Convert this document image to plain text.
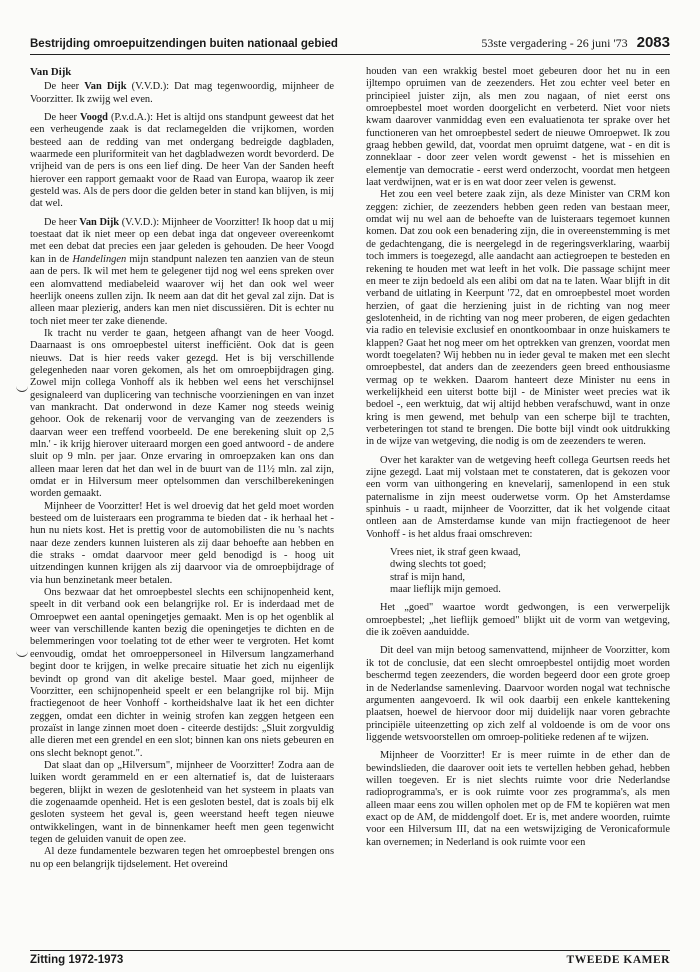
Bestrijding omroepuitzendingen buiten nationaal gebied	53ste vergadering - 26 juni '73 2083
Van Dijk

De heer Van Dijk (V.V.D.): Dat mag tegenwoordig, mijnheer de Voorzitter. Ik zwijg wel even.

De heer Voogd (P.v.d.A.): Het is altijd ons standpunt geweest dat het een verheugende zaak is dat reclamegelden die vrijkomen, worden besteed aan de redding van met ondergang bedreigde dagbladen, waarmede een pluriformiteit van het dagbladwezen wordt bevorderd. De vrijheid van de pers is ons een lief ding. De heer Van der Sanden heeft hierover een rapport gemaakt voor de Raad van Europa, waarop ik zeer gesteld was. Als de pers door die gelden beter in stand kan blijven, is mij dat wel.

De heer Van Dijk (V.V.D.): Mijnheer de Voorzitter! Ik hoop dat u mij toestaat dat ik niet meer op een debat inga dat ongeveer overeenkomt met een debat dat precies een jaar geleden is gehouden. De heer Voogd kan in de Handelingen mijn standpunt nalezen ten aanzien van de steun aan de pers. Ik wil met hem te gelegener tijd nog wel eens spreken over een alomvattend mediabeleid waarover wij het dan ook wel weer heerlijk oneens zullen zijn. Ik neem aan dat dit het geval zal zijn. Dat is alleen maar plezierig, anders kan men niet discussiëren. Dit is echter nu toch niet meer ter zake dienende.

Ik tracht nu verder te gaan, hetgeen afhangt van de heer Voogd. Daarnaast is ons omroepbestel uiterst inefficiënt. Ook dat is geen nieuws. Dat is hier reeds vaker gezegd. Het is bij verschillende gelegenheden naar voren gekomen, als het om omroepbijdragen ging. Zowel mijn collega Vonhoff als ik hebben wel eens het verschijnsel gesignaleerd van duplicering van technische voorzieningen en van inzet van mankracht. Dat onderwond in deze Kamer nog steeds weinig gehoor. Ook de rekenarij voor de vervanging van de zeezenders is daarvan weer een treffend voorbeeld. De ene berekening sluit op 2,5 mln.' - ik krijg hierover uiteraard morgen een goed antwoord - de andere sluit op 9 mln. per jaar. Onze ervaring in omroepzaken kan ons dan alleen maar leren dat het dan wel in de buurt van de 11½ mln. zal zijn, omdat er in Hilversum meer optelsommen dan verschilberekeningen worden gemaakt.

Mijnheer de Voorzitter! Het is wel droevig dat het geld moet worden besteed om de luisteraars een programma te bieden dat - ik herhaal het - hun nu niets kost. Het is prettig voor de automobilisten die nu 's nachts naar deze zenders kunnen luisteren als zij daar behoefte aan hebben en die straks - omdat daarvoor meer geld benodigd is - hoog uit uitzendingen kunnen krijgen als zij daarvoor via de omroepbijdrage of via hun benzinetank meer betalen.

Ons bezwaar dat het omroepbestel slechts een schijnopenheid kent, speelt in dit verband ook een belangrijke rol. Er is inderdaad met de Omroepwet een aantal openingetjes gemaakt. Men is op het ogenblik al weer van verschillende kanten bezig die openingetjes te dichten en de belemmeringen voor toelating tot de ether weer te vergroten. Het komt eenvoudig, omdat het omroeppersoneel in Hilversum langzamerhand begint door te krijgen, in welke precaire situatie het zich nu eigenlijk bevindt op grond van dit akelige bestel. Maar goed, mijnheer de Voorzitter, een schijnopenheid speelt er een belangrijke rol bij. Mijn fractiegenoot de heer Vonhoff - kortheidshalve laat ik het een dichter zeggen, omdat een dichter in weinig strofen kan zeggen hetgeen een prozaïst in lange zinnen moet doen - citeerde destijds: „Sluit zorgvuldig alle dieren met een grendel en een slot; binnen kan ons niets gebeuren en ons slecht beknopt genot.".

Dat slaat dan op „Hilversum", mijnheer de Voorzitter! Zodra aan de luiken wordt gerammeld en er een alternatief is, dat de luisteraars begeren, blijkt in wezen de geslotenheid van het systeem in plaats van die zogenaamde openheid. Het is een gesloten bestel, dat is zoals bij elk gesloten systeem het geval is, geen weerstand heeft tegen nieuwe ontwikkelingen, want in de binnenkamer heeft men geen tegenwicht tegen de geluiden vanuit de open zee.

Al deze fundamentele bezwaren tegen het omroepbestel brengen ons nu op een belangrijk tijdselement. Het overeind

houden van een wrakkig bestel moet gebeuren door het nu in een ijltempo opruimen van de zeezenders. Het zou echter veel beter en principieel juister zijn, als men zou nagaan, of niet eerst ons omroepbestel moet worden doorgelicht en verbeterd. Niet voor niets kwam daarover vanmiddag even een evaluatienota ter sprake over het functioneren van het omroepbestel sedert de nieuwe Omroepwet. Ik zou graag hebben gewild, dat, voordat men opruimt datgene, wat - en dit is zonneklaar - door zeer velen wordt gewenst - het is missehien en elementje van democratie - eerst werd onderzocht, voordat men hetgeen laat verdwijnen, wat er is en wat door zeer velen is gewenst.

Het zou een veel betere zaak zijn, als deze Minister van CRM kon zeggen: zichier, de zeezenders hebben geen reden van bestaan meer, omdat wij nu wel aan de behoefte van de luisteraars tegemoet kunnen komen. Dat zou ook een benadering zijn, die in overeenstemming is met de gedachtengang, die is neergelegd in de regeringsverklaring, waarbij toch immers is toegezegd, alle aandacht aan actiegroepen te besteden en rekening te houden met wat leeft in het volk. Die passage schijnt meer en meer te zijn bedoeld als een alibi om dat na te laten. Waar blijft in dit verband de uitlating in Keerpunt '72, dat en omroepbestel moet worden herzien, of gaat die herziening juist in de richting van nog meer geslotenheid, in de richting van nog meer proberen, de eigen gedachten via radio en televisie exclusief en onontkoombaar in onze huiskamers te klappen? Gaat het nog meer om het optrekken van grenzen, voordat men wordt toegelaten? Wij hebben nu in ieder geval te maken met een slecht omroepbestel, dat anders dan de zeezenders geen breed enthousiasme vermag op te wekken. Daarom hanteert deze Minister nu eens in werkelijkheid een uiterst botte bijl - de Minister weet precies wat ik bedoel -, een werktuig, dat wij altijd hebben verafschuwd, want in onze kring is men gewend, met behulp van een scherpe bijl te trachten, verbeteringen tot stand te brengen. Die botte bijl vindt ook uitdrukking in de wijze van wetgeving, die nodig is om de zeezenders te weren.

Over het karakter van de wetgeving heeft collega Geurtsen reeds het zijne gezegd. Laat mij volstaan met te constateren, dat is gekozen voor een vorm van uithongering en knevelarij, samenlopend in een stuk paternalisme in zijn meest ouderwetse vorm. Op het Amsterdamse spinhuis - u raadt, mijnheer de Voorzitter, dat ik het volgende citaat ontleen aan de Amsterdamse kunde van mijn fractiegenoot de heer Vonhoff - is het aldus fraai omschreven:

Vrees niet, ik straf geen kwaad,
dwing slechts tot goed;
straf is mijn hand,
maar lieflijk mijn gemoed.

Het „goed" waartoe wordt gedwongen, is een verwerpelijk omroepbestel; „het lieflijk gemoed" blijkt uit de vorm van wetgeving, die ik zoëven aanduidde.

Dit deel van mijn betoog samenvattend, mijnheer de Voorzitter, kom ik tot de conclusie, dat een slecht omroepbestel ontijdig moet worden beschermd tegen zeezenders, die worden begeerd door een grote groep in de Nederlandse samenleving. Daarvoor worden nogal wat technische argumenten aangevoerd. Ik wil ook daarbij een enkele kanttekening plaatsen, hoewel de hiervoor door mij duidelijk naar voren gebrachte principiële uiteenzetting op zich zelf al voldoende is om de voor ons liggende wetsvoorstellen om omroep-politieke redenen af te wijzen.

Mijnheer de Voorzitter! Er is meer ruimte in de ether dan de bewindslieden, die daarover ooit iets te vertellen hebben gehad, hebben willen toegeven. Er is niet slechts ruimte voor drie Nederlandse radioprogramma's, er is ook ruimte voor zes programma's, als men alleen maar eens zou willen opholen met op de FM te kopiëren wat men exact op de AM, de middengolf doet. Er is, met andere woorden, ruimte voor een Hilversum III, dat na een wetswijziging de Veronicaformule kan overnemen; in Nederland is ook ruimte voor een

Zitting 1972-1973	TWEEDE KAMER
